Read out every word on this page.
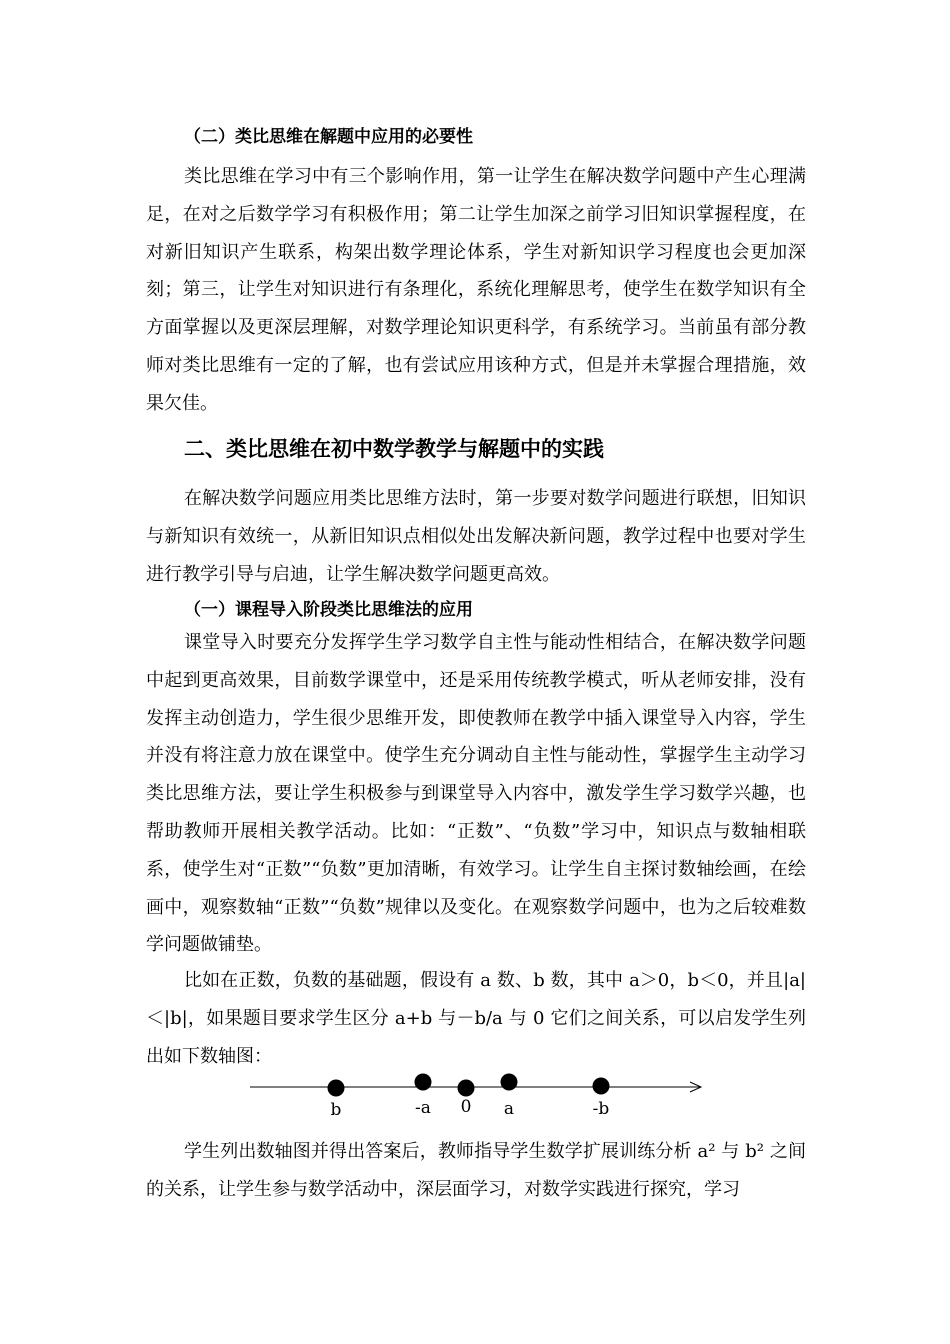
（二）类比思维在解题中应用的必要性

类比思维在学习中有三个影响作用，第一让学生在解决数学问题中产生心理满足，在对之后数学学习有积极作用；第二让学生加深之前学习旧知识掌握程度，在对新旧知识产生联系，构架出数学理论体系，学生对新知识学习程度也会更加深刻；第三，让学生对知识进行有条理化，系统化理解思考，使学生在数学知识有全方面掌握以及更深层理解，对数学理论知识更科学，有系统学习。当前虽有部分教师对类比思维有一定的了解，也有尝试应用该种方式，但是并未掌握合理措施，效果欠佳。

二、类比思维在初中数学教学与解题中的实践

在解决数学问题应用类比思维方法时，第一步要对数学问题进行联想，旧知识与新知识有效统一，从新旧知识点相似处出发解决新问题，教学过程中也要对学生进行教学引导与启迪，让学生解决数学问题更高效。

（一）课程导入阶段类比思维法的应用

课堂导入时要充分发挥学生学习数学自主性与能动性相结合，在解决数学问题中起到更高效果，目前数学课堂中，还是采用传统教学模式，听从老师安排，没有发挥主动创造力，学生很少思维开发，即使教师在教学中插入课堂导入内容，学生并没有将注意力放在课堂中。使学生充分调动自主性与能动性，掌握学生主动学习类比思维方法，要让学生积极参与到课堂导入内容中，激发学生学习数学兴趣，也帮助教师开展相关教学活动。比如：“正数”、“负数”学习中，知识点与数轴相联系，使学生对“正数”“负数”更加清晰，有效学习。让学生自主探讨数轴绘画，在绘画中，观察数轴“正数”“负数”规律以及变化。在观察数学问题中，也为之后较难数学问题做铺垫。

比如在正数，负数的基础题，假设有 a 数、b 数，其中 a＞0，b＜0，并且|a|＜|b|，如果题目要求学生区分 a+b 与－b/a 与 0 它们之间关系，可以启发学生列出如下数轴图：

b	-a 0 a	-b

学生列出数轴图并得出答案后，教师指导学生数学扩展训练分析 a² 与 b² 之间的关系，让学生参与数学活动中，深层面学习，对数学实践进行探究，学习
